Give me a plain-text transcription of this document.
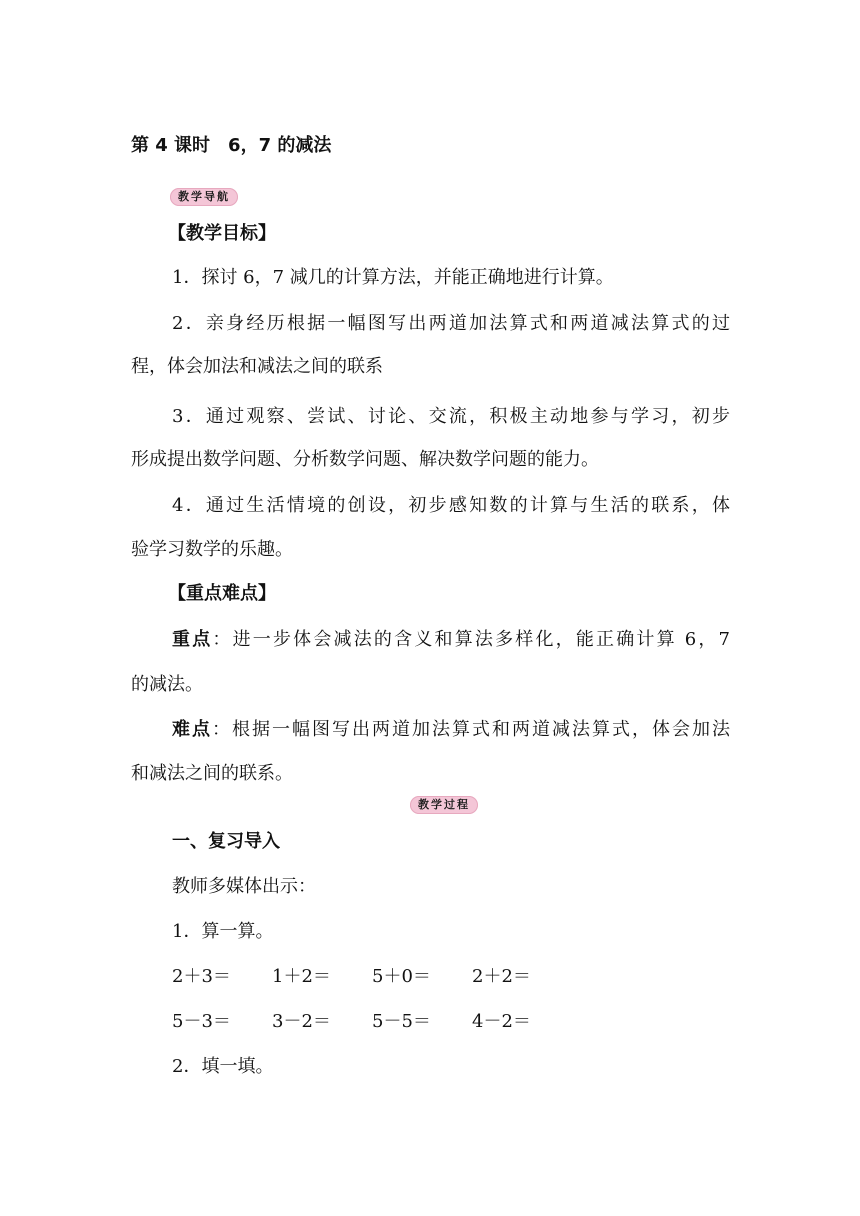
第 4 课时　6，7 的减法
教学导航
【教学目标】
1．探讨 6，7 减几的计算方法，并能正确地进行计算。
2．亲身经历根据一幅图写出两道加法算式和两道减法算式的过
程，体会加法和减法之间的联系
3．通过观察、尝试、讨论、交流，积极主动地参与学习，初步
形成提出数学问题、分析数学问题、解决数学问题的能力。
4．通过生活情境的创设，初步感知数的计算与生活的联系，体
验学习数学的乐趣。
【重点难点】
重点：进一步体会减法的含义和算法多样化，能正确计算 6，7
的减法。
难点：根据一幅图写出两道加法算式和两道减法算式，体会加法
和减法之间的联系。
教学过程
一、复习导入
教师多媒体出示：
1．算一算。
2＋3＝ 1＋2＝ 5＋0＝ 2＋2＝
5－3＝ 3－2＝ 5－5＝ 4－2＝
2．填一填。
